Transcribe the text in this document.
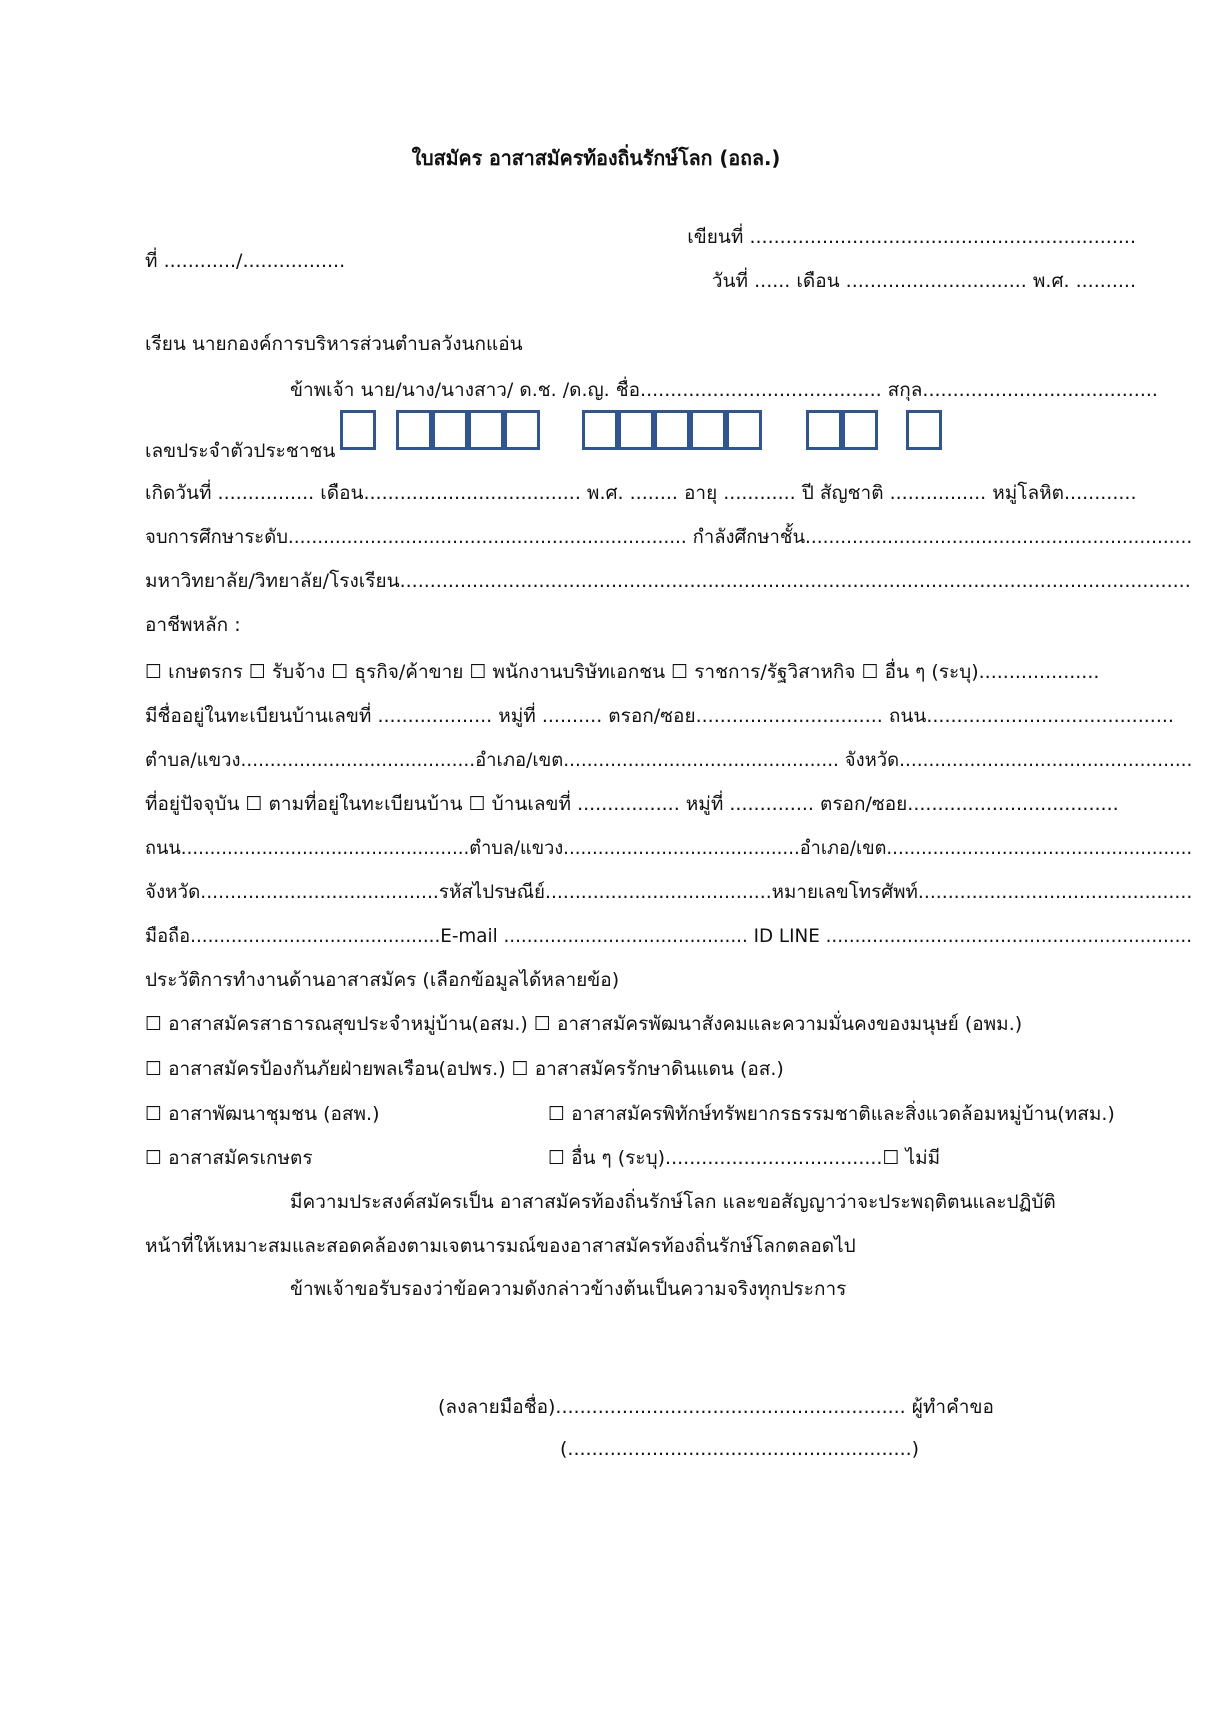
ใบสมัคร อาสาสมัครท้องถิ่นรักษ์โลก (อถล.)
เขียนที่ ................................................................
ที่ ............/.................
วันที่ ...... เดือน .............................. พ.ศ. ..........
เรียน นายกองค์การบริหารส่วนตำบลวังนกแอ่น
ข้าพเจ้า นาย/นาง/นางสาว/ ด.ช. /ด.ญ. ชื่อ........................................ สกุล.......................................
เลขประจำตัวประชาชน
เกิดวันที่ ................ เดือน.................................... พ.ศ. ........ อายุ ............ ปี สัญชาติ ................ หมู่โลหิต............
จบการศึกษาระดับ.................................................................... กำลังศึกษาชั้น..................................................................
มหาวิทยาลัย/วิทยาลัย/โรงเรียน...................................................................................................................................
อาชีพหลัก :
☐ เกษตรกร ☐ รับจ้าง ☐ ธุรกิจ/ค้าขาย ☐ พนักงานบริษัทเอกชน ☐ ราชการ/รัฐวิสาหกิจ ☐ อื่น ๆ (ระบุ)....................
มีชื่ออยู่ในทะเบียนบ้านเลขที่ ................... หมู่ที่ .......... ตรอก/ซอย............................... ถนน.........................................
ตำบล/แขวง........................................อำเภอ/เขต............................................... จังหวัด..................................................
ที่อยู่ปัจจุบัน ☐ ตามที่อยู่ในทะเบียนบ้าน ☐ บ้านเลขที่ ................. หมู่ที่ .............. ตรอก/ซอย...................................
ถนน..................................................ตำบล/แขวง.........................................อำเภอ/เขต.....................................................
จังหวัด........................................รหัสไปรษณีย์......................................หมายเลขโทรศัพท์..............................................
มือถือ...........................................E-mail .......................................... ID LINE ...............................................................
ประวัติการทำงานด้านอาสาสมัคร (เลือกข้อมูลได้หลายข้อ)
☐ อาสาสมัครสาธารณสุขประจำหมู่บ้าน(อสม.) ☐ อาสาสมัครพัฒนาสังคมและความมั่นคงของมนุษย์ (อพม.)
☐ อาสาสมัครป้องกันภัยฝ่ายพลเรือน(อปพร.) ☐ อาสาสมัครรักษาดินแดน (อส.)
☐ อาสาพัฒนาชุมชน (อสพ.)	☐ อาสาสมัครพิทักษ์ทรัพยากรธรรมชาติและสิ่งแวดล้อมหมู่บ้าน(ทสม.)
☐ อาสาสมัครเกษตร	☐ อื่น ๆ (ระบุ)....................................☐ ไม่มี
มีความประสงค์สมัครเป็น อาสาสมัครท้องถิ่นรักษ์โลก และขอสัญญาว่าจะประพฤติตนและปฏิบัติ
หน้าที่ให้เหมาะสมและสอดคล้องตามเจตนารมณ์ของอาสาสมัครท้องถิ่นรักษ์โลกตลอดไป
ข้าพเจ้าขอรับรองว่าข้อความดังกล่าวข้างต้นเป็นความจริงทุกประการ
(ลงลายมือชื่อ).......................................................... ผู้ทำคำขอ
(.........................................................)
